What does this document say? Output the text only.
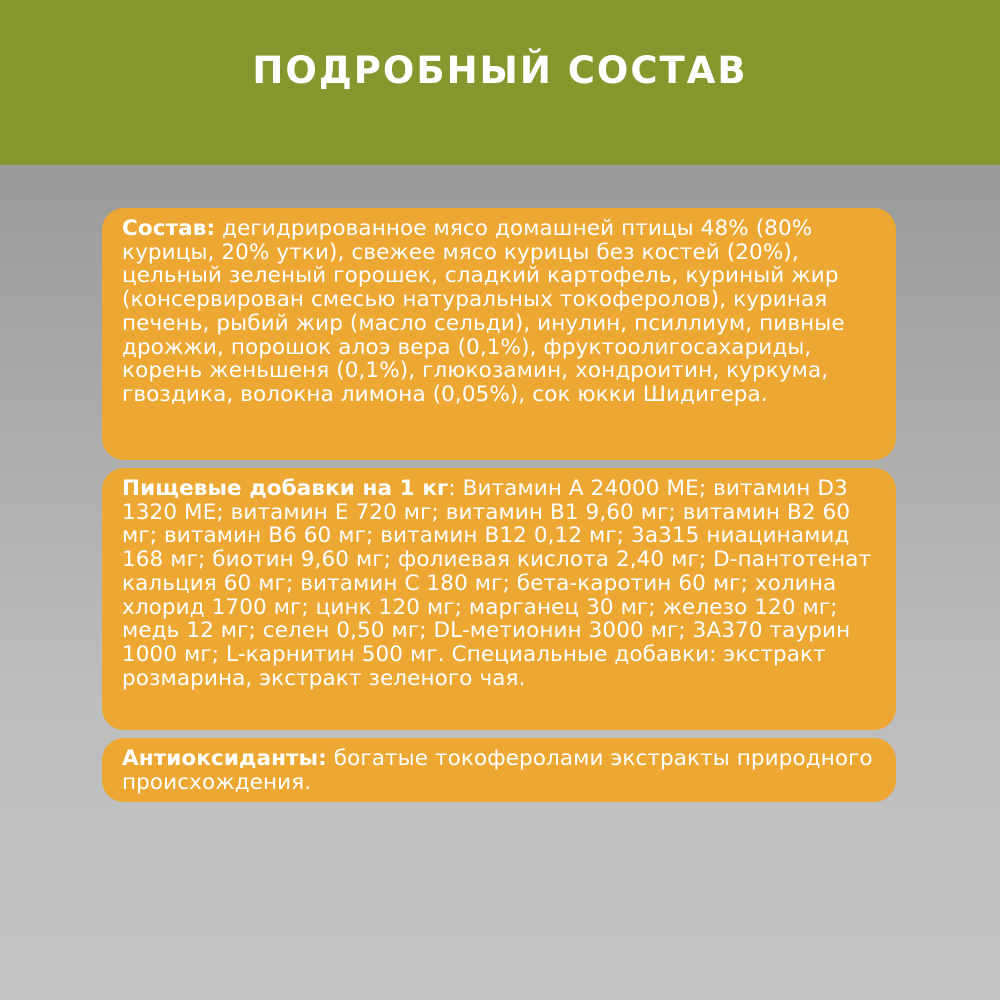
ПОДРОБНЫЙ СОСТАВ

Состав: дегидрированное мясо домашней птицы 48% (80% курицы, 20% утки), свежее мясо курицы без костей (20%), цельный зеленый горошек, сладкий картофель, куриный жир (консервирован смесью натуральных токоферолов), куриная печень, рыбий жир (масло сельди), инулин, псиллиум, пивные дрожжи, порошок алоэ вера (0,1%), фруктоолигосахариды, корень женьшеня (0,1%), глюкозамин, хондроитин, куркума, гвоздика, волокна лимона (0,05%), сок юкки Шидигера.

Пищевые добавки на 1 кг: Витамин А 24000 МЕ; витамин D3 1320 МЕ; витамин Е 720 мг; витамин В1 9,60 мг; витамин В2 60 мг; витамин В6 60 мг; витамин В12 0,12 мг; 3а315 ниацинамид 168 мг; биотин 9,60 мг; фолиевая кислота 2,40 мг; D-пантотенат кальция 60 мг; витамин С 180 мг; бета-каротин 60 мг; холина хлорид 1700 мг; цинк 120 мг; марганец 30 мг; железо 120 мг; медь 12 мг; селен 0,50 мг; DL-метионин 3000 мг; 3А370 таурин 1000 мг; L-карнитин 500 мг. Специальные добавки: экстракт розмарина, экстракт зеленого чая.

Антиоксиданты: богатые токоферолами экстракты природного происхождения.
